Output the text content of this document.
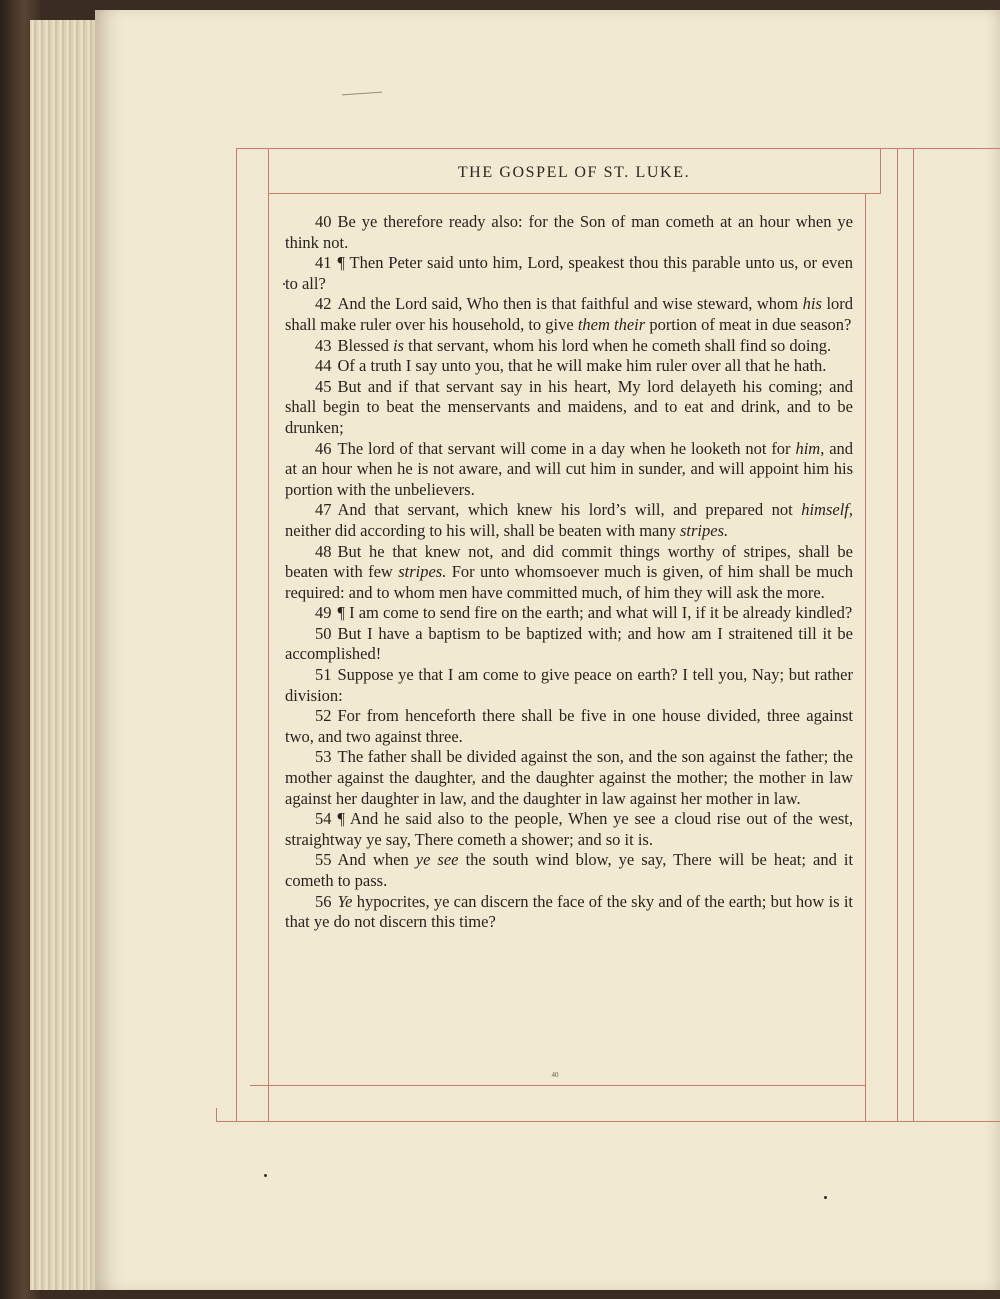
THE GOSPEL OF ST. LUKE.
40 Be ye therefore ready also: for the Son of man cometh at an hour when ye think not.
41 ¶ Then Peter said unto him, Lord, speakest thou this parable unto us, or even to all?
42 And the Lord said, Who then is that faithful and wise steward, whom his lord shall make ruler over his household, to give them their portion of meat in due season?
43 Blessed is that servant, whom his lord when he cometh shall find so doing.
44 Of a truth I say unto you, that he will make him ruler over all that he hath.
45 But and if that servant say in his heart, My lord delayeth his coming; and shall begin to beat the menservants and maidens, and to eat and drink, and to be drunken;
46 The lord of that servant will come in a day when he looketh not for him, and at an hour when he is not aware, and will cut him in sunder, and will appoint him his portion with the unbelievers.
47 And that servant, which knew his lord’s will, and prepared not himself, neither did according to his will, shall be beaten with many stripes.
48 But he that knew not, and did commit things worthy of stripes, shall be beaten with few stripes. For unto whomsoever much is given, of him shall be much required: and to whom men have committed much, of him they will ask the more.
49 ¶ I am come to send fire on the earth; and what will I, if it be already kindled?
50 But I have a baptism to be baptized with; and how am I straitened till it be accomplished!
51 Suppose ye that I am come to give peace on earth? I tell you, Nay; but rather division:
52 For from henceforth there shall be five in one house divided, three against two, and two against three.
53 The father shall be divided against the son, and the son against the father; the mother against the daughter, and the daughter against the mother; the mother in law against her daughter in law, and the daughter in law against her mother in law.
54 ¶ And he said also to the people, When ye see a cloud rise out of the west, straightway ye say, There cometh a shower; and so it is.
55 And when ye see the south wind blow, ye say, There will be heat; and it cometh to pass.
56 Ye hypocrites, ye can discern the face of the sky and of the earth; but how is it that ye do not discern this time?
40
